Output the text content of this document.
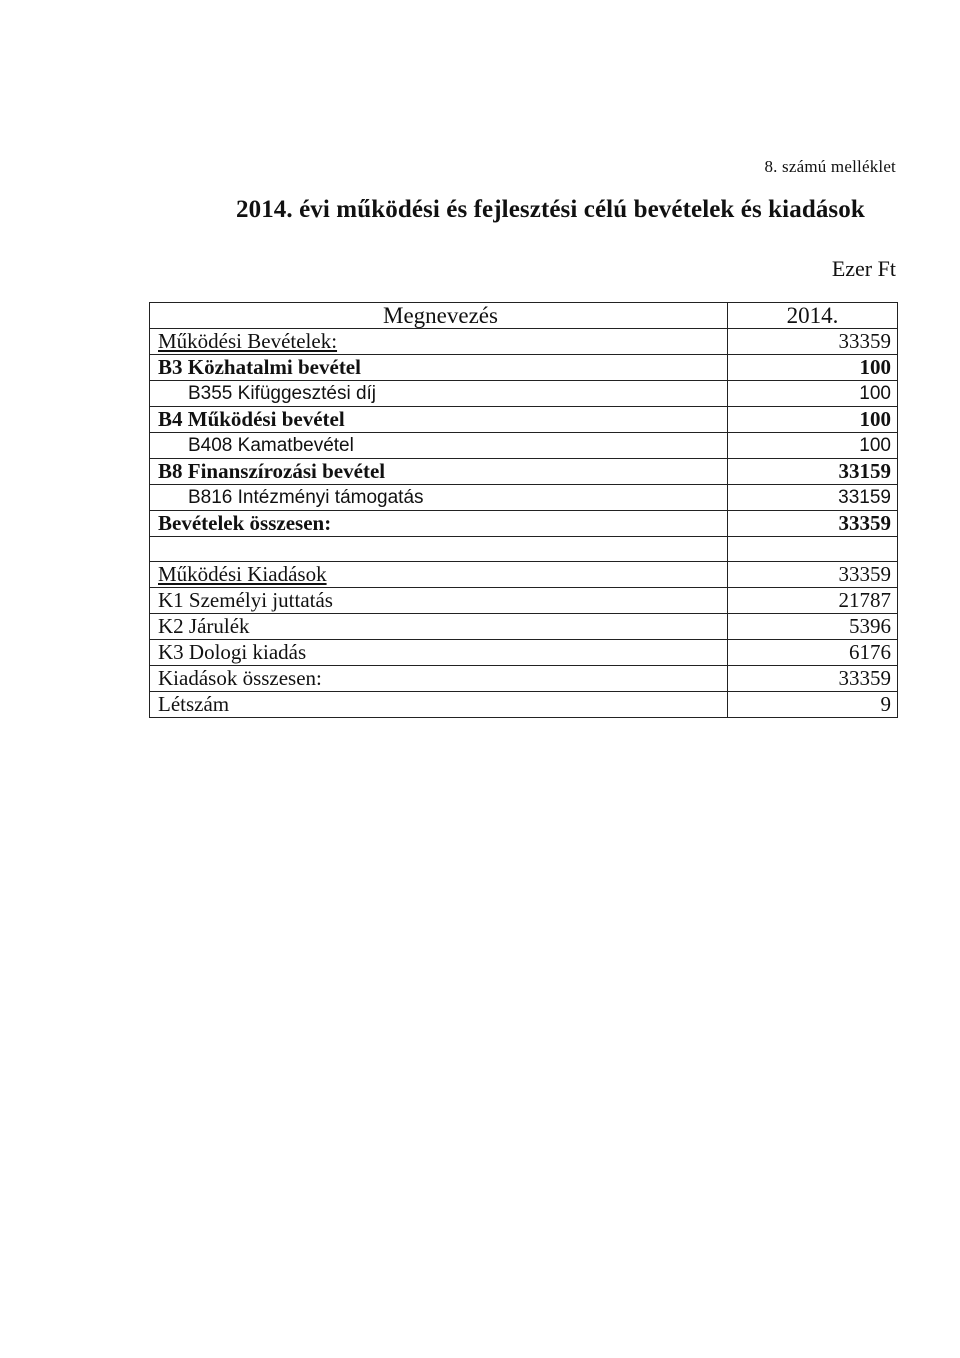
8. számú melléklet
2014. évi működési és fejlesztési célú bevételek és kiadások
Ezer Ft
Megnevezés	2014.
Működési Bevételek:	33359
B3 Közhatalmi bevétel	100
B355 Kifüggesztési díj	100
B4 Működési bevétel	100
B408 Kamatbevétel	100
B8 Finanszírozási bevétel	33159
B816 Intézményi támogatás	33159
Bevételek összesen:	33359

Működési Kiadások	33359
K1 Személyi juttatás	21787
K2 Járulék	5396
K3 Dologi kiadás	6176
Kiadások összesen:	33359
Létszám	9
